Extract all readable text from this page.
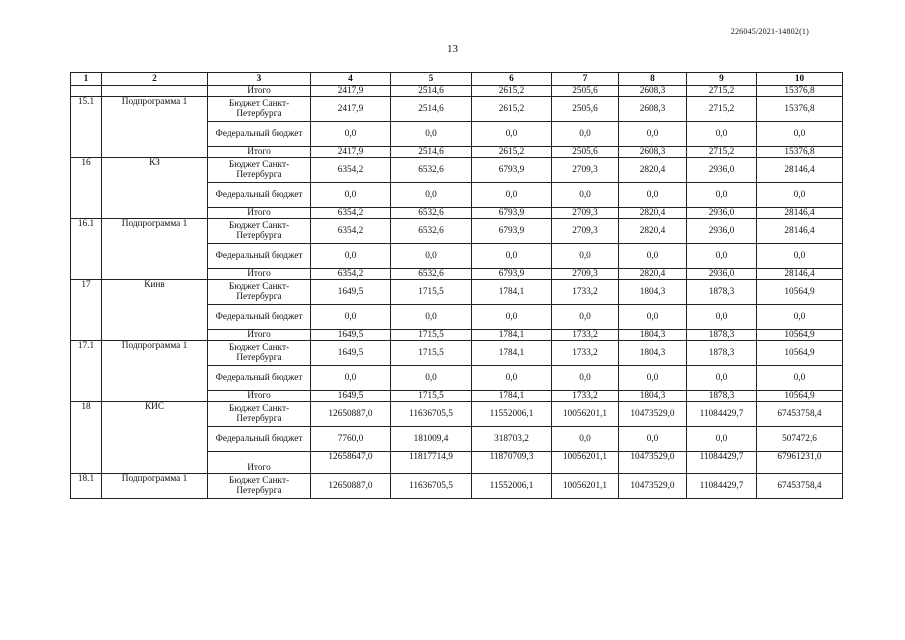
226045/2021-14802(1)
13
1	2	3	4	5	6	7	8	9	10
		Итого	2417,9	2514,6	2615,2	2505,6	2608,3	2715,2	15376,8
15.1	Подпрограмма 1	Бюджет Санкт-Петербурга	2417,9	2514,6	2615,2	2505,6	2608,3	2715,2	15376,8
		Федеральный бюджет	0,0	0,0	0,0	0,0	0,0	0,0	0,0
		Итого	2417,9	2514,6	2615,2	2505,6	2608,3	2715,2	15376,8
16	КЗ	Бюджет Санкт-Петербурга	6354,2	6532,6	6793,9	2709,3	2820,4	2936,0	28146,4
		Федеральный бюджет	0,0	0,0	0,0	0,0	0,0	0,0	0,0
		Итого	6354,2	6532,6	6793,9	2709,3	2820,4	2936,0	28146,4
16.1	Подпрограмма 1	Бюджет Санкт-Петербурга	6354,2	6532,6	6793,9	2709,3	2820,4	2936,0	28146,4
		Федеральный бюджет	0,0	0,0	0,0	0,0	0,0	0,0	0,0
		Итого	6354,2	6532,6	6793,9	2709,3	2820,4	2936,0	28146,4
17	Кинв	Бюджет Санкт-Петербурга	1649,5	1715,5	1784,1	1733,2	1804,3	1878,3	10564,9
		Федеральный бюджет	0,0	0,0	0,0	0,0	0,0	0,0	0,0
		Итого	1649,5	1715,5	1784,1	1733,2	1804,3	1878,3	10564,9
17.1	Подпрограмма 1	Бюджет Санкт-Петербурга	1649,5	1715,5	1784,1	1733,2	1804,3	1878,3	10564,9
		Федеральный бюджет	0,0	0,0	0,0	0,0	0,0	0,0	0,0
		Итого	1649,5	1715,5	1784,1	1733,2	1804,3	1878,3	10564,9
18	КИС	Бюджет Санкт-Петербурга	12650887,0	11636705,5	11552006,1	10056201,1	10473529,0	11084429,7	67453758,4
		Федеральный бюджет	7760,0	181009,4	318703,2	0,0	0,0	0,0	507472,6
		Итого	12658647,0	11817714,9	11870709,3	10056201,1	10473529,0	11084429,7	67961231,0
18.1	Подпрограмма 1	Бюджет Санкт-Петербурга	12650887,0	11636705,5	11552006,1	10056201,1	10473529,0	11084429,7	67453758,4
